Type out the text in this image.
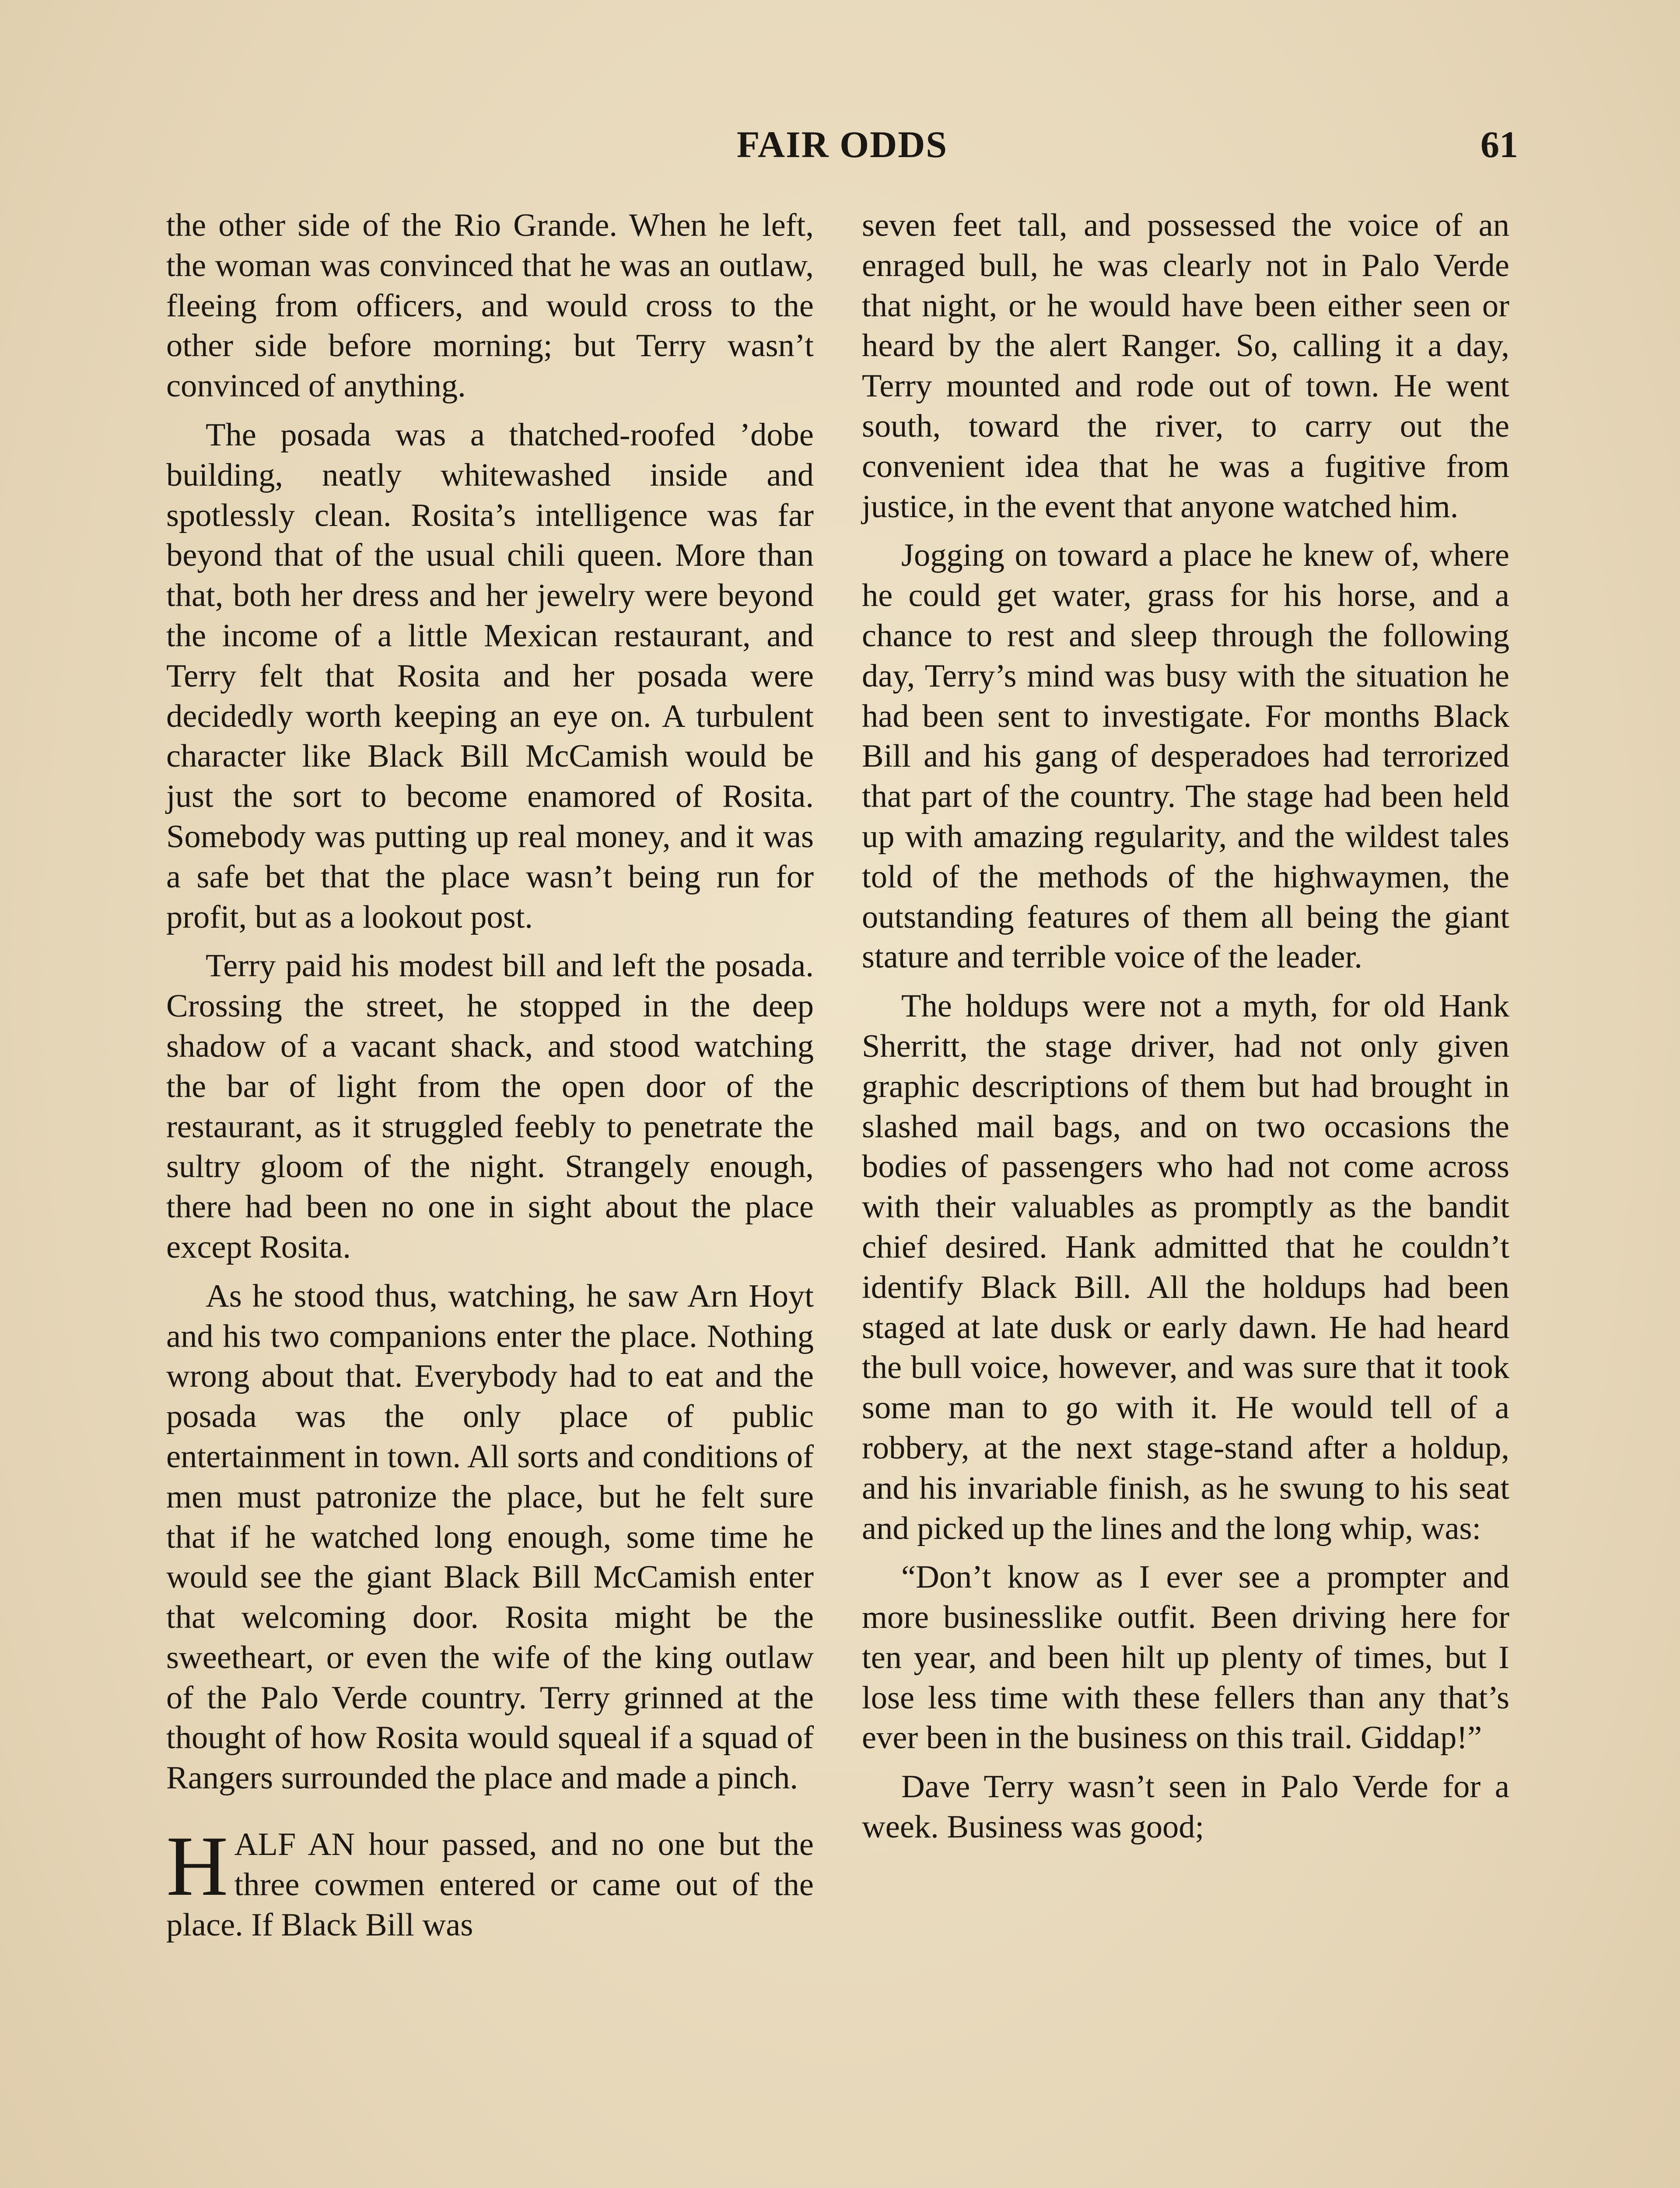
FAIR ODDS	61

the other side of the Rio Grande. When he left, the woman was convinced that he was an outlaw, fleeing from officers, and would cross to the other side before morning; but Terry wasn’t convinced of anything.

The posada was a thatched-roofed ’dobe building, neatly whitewashed inside and spotlessly clean. Rosita’s intelligence was far beyond that of the usual chili queen. More than that, both her dress and her jewelry were beyond the income of a little Mexican restaurant, and Terry felt that Rosita and her posada were decidedly worth keeping an eye on. A turbulent character like Black Bill McCamish would be just the sort to become enamored of Rosita. Somebody was putting up real money, and it was a safe bet that the place wasn’t being run for profit, but as a lookout post.

Terry paid his modest bill and left the posada. Crossing the street, he stopped in the deep shadow of a vacant shack, and stood watching the bar of light from the open door of the restaurant, as it struggled feebly to penetrate the sultry gloom of the night. Strangely enough, there had been no one in sight about the place except Rosita.

As he stood thus, watching, he saw Arn Hoyt and his two companions enter the place. Nothing wrong about that. Everybody had to eat and the posada was the only place of public entertainment in town. All sorts and conditions of men must patronize the place, but he felt sure that if he watched long enough, some time he would see the giant Black Bill McCamish enter that welcoming door. Rosita might be the sweetheart, or even the wife of the king outlaw of the Palo Verde country. Terry grinned at the thought of how Rosita would squeal if a squad of Rangers surrounded the place and made a pinch.

HALF AN hour passed, and no one but the three cowmen entered or came out of the place. If Black Bill was

seven feet tall, and possessed the voice of an enraged bull, he was clearly not in Palo Verde that night, or he would have been either seen or heard by the alert Ranger. So, calling it a day, Terry mounted and rode out of town. He went south, toward the river, to carry out the convenient idea that he was a fugitive from justice, in the event that anyone watched him.

Jogging on toward a place he knew of, where he could get water, grass for his horse, and a chance to rest and sleep through the following day, Terry’s mind was busy with the situation he had been sent to investigate. For months Black Bill and his gang of desperadoes had terrorized that part of the country. The stage had been held up with amazing regularity, and the wildest tales told of the methods of the highwaymen, the outstanding features of them all being the giant stature and terrible voice of the leader.

The holdups were not a myth, for old Hank Sherritt, the stage driver, had not only given graphic descriptions of them but had brought in slashed mail bags, and on two occasions the bodies of passengers who had not come across with their valuables as promptly as the bandit chief desired. Hank admitted that he couldn’t identify Black Bill. All the holdups had been staged at late dusk or early dawn. He had heard the bull voice, however, and was sure that it took some man to go with it. He would tell of a robbery, at the next stage-stand after a holdup, and his invariable finish, as he swung to his seat and picked up the lines and the long whip, was:

“Don’t know as I ever see a prompter and more businesslike outfit. Been driving here for ten year, and been hilt up plenty of times, but I lose less time with these fellers than any that’s ever been in the business on this trail. Giddap!”

Dave Terry wasn’t seen in Palo Verde for a week. Business was good;
